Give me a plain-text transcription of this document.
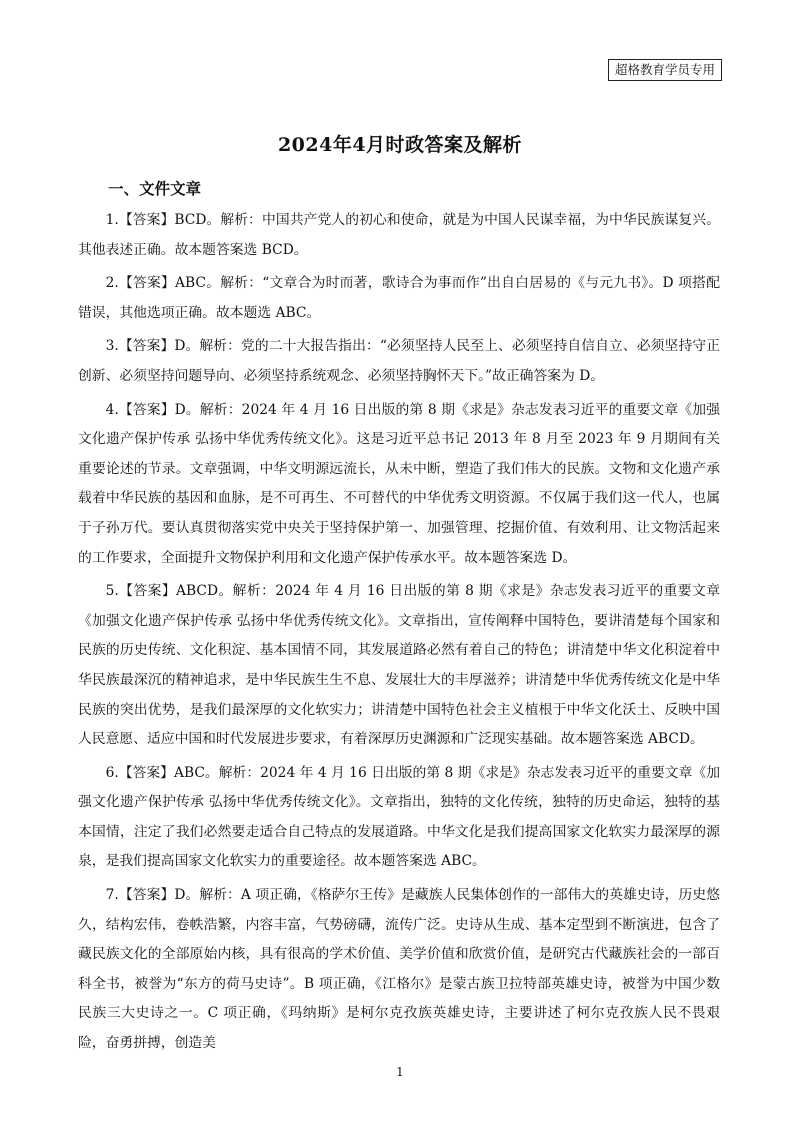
超格教育学员专用
2024年4月时政答案及解析
一、文件文章

1.【答案】BCD。解析：中国共产党人的初心和使命，就是为中国人民谋幸福，为中华民族谋复兴。其他表述正确。故本题答案选 BCD。

2.【答案】ABC。解析：“文章合为时而著，歌诗合为事而作”出自白居易的《与元九书》。D 项搭配错误，其他选项正确。故本题选 ABC。

3.【答案】D。解析：党的二十大报告指出：“必须坚持人民至上、必须坚持自信自立、必须坚持守正创新、必须坚持问题导向、必须坚持系统观念、必须坚持胸怀天下。”故正确答案为 D。

4.【答案】D。解析：2024 年 4 月 16 日出版的第 8 期《求是》杂志发表习近平的重要文章《加强文化遗产保护传承 弘扬中华优秀传统文化》。这是习近平总书记 2013 年 8 月至 2023 年 9 月期间有关重要论述的节录。文章强调，中华文明源远流长，从未中断，塑造了我们伟大的民族。文物和文化遗产承载着中华民族的基因和血脉，是不可再生、不可替代的中华优秀文明资源。不仅属于我们这一代人，也属于子孙万代。要认真贯彻落实党中央关于坚持保护第一、加强管理、挖掘价值、有效利用、让文物活起来的工作要求，全面提升文物保护利用和文化遗产保护传承水平。故本题答案选 D。

5.【答案】ABCD。解析：2024 年 4 月 16 日出版的第 8 期《求是》杂志发表习近平的重要文章《加强文化遗产保护传承 弘扬中华优秀传统文化》。文章指出，宣传阐释中国特色，要讲清楚每个国家和民族的历史传统、文化积淀、基本国情不同，其发展道路必然有着自己的特色；讲清楚中华文化积淀着中华民族最深沉的精神追求，是中华民族生生不息、发展壮大的丰厚滋养；讲清楚中华优秀传统文化是中华民族的突出优势，是我们最深厚的文化软实力；讲清楚中国特色社会主义植根于中华文化沃土、反映中国人民意愿、适应中国和时代发展进步要求，有着深厚历史渊源和广泛现实基础。故本题答案选 ABCD。

6.【答案】ABC。解析：2024 年 4 月 16 日出版的第 8 期《求是》杂志发表习近平的重要文章《加强文化遗产保护传承 弘扬中华优秀传统文化》。文章指出，独特的文化传统，独特的历史命运，独特的基本国情，注定了我们必然要走适合自己特点的发展道路。中华文化是我们提高国家文化软实力最深厚的源泉，是我们提高国家文化软实力的重要途径。故本题答案选 ABC。

7.【答案】D。解析：A 项正确，《格萨尔王传》是藏族人民集体创作的一部伟大的英雄史诗，历史悠久，结构宏伟，卷帙浩繁，内容丰富，气势磅礴，流传广泛。史诗从生成、基本定型到不断演进，包含了藏民族文化的全部原始内核，具有很高的学术价值、美学价值和欣赏价值，是研究古代藏族社会的一部百科全书，被誉为“东方的荷马史诗”。B 项正确，《江格尔》是蒙古族卫拉特部英雄史诗，被誉为中国少数民族三大史诗之一。C 项正确，《玛纳斯》是柯尔克孜族英雄史诗，主要讲述了柯尔克孜族人民不畏艰险，奋勇拼搏，创造美

1
